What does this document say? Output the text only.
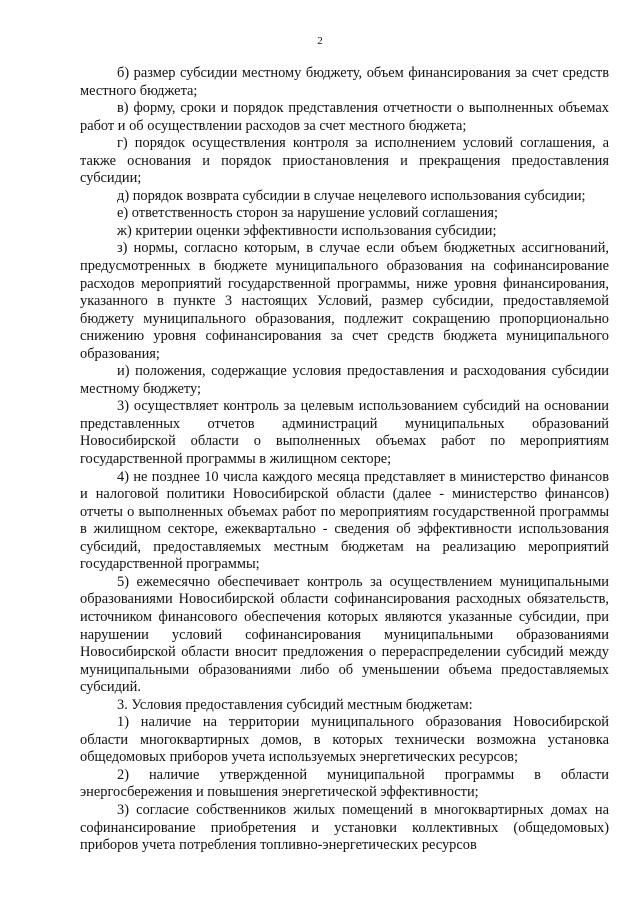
2

б) размер субсидии местному бюджету, объем финансирования за счет средств местного бюджета;

в) форму, сроки и порядок представления отчетности о выполненных объемах работ и об осуществлении расходов за счет местного бюджета;

г) порядок осуществления контроля за исполнением условий соглашения, а также основания и порядок приостановления и прекращения предоставления субсидии;

д) порядок возврата субсидии в случае нецелевого использования субсидии;

е) ответственность сторон за нарушение условий соглашения;

ж) критерии оценки эффективности использования субсидии;

з) нормы, согласно которым, в случае если объем бюджетных ассигнований, предусмотренных в бюджете муниципального образования на софинансирование расходов мероприятий государственной программы, ниже уровня финансирования, указанного в пункте 3 настоящих Условий, размер субсидии, предоставляемой бюджету муниципального образования, подлежит сокращению пропорционально снижению уровня софинансирования за счет средств бюджета муниципального образования;

и) положения, содержащие условия предоставления и расходования субсидии местному бюджету;

3) осуществляет контроль за целевым использованием субсидий на основании представленных отчетов администраций муниципальных образований Новосибирской области о выполненных объемах работ по мероприятиям государственной программы в жилищном секторе;

4) не позднее 10 числа каждого месяца представляет в министерство финансов и налоговой политики Новосибирской области (далее - министерство финансов) отчеты о выполненных объемах работ по мероприятиям государственной программы в жилищном секторе, ежеквартально - сведения об эффективности использования субсидий, предоставляемых местным бюджетам на реализацию мероприятий государственной программы;

5) ежемесячно обеспечивает контроль за осуществлением муниципальными образованиями Новосибирской области софинансирования расходных обязательств, источником финансового обеспечения которых являются указанные субсидии, при нарушении условий софинансирования муниципальными образованиями Новосибирской области вносит предложения о перераспределении субсидий между муниципальными образованиями либо об уменьшении объема предоставляемых субсидий.

3. Условия предоставления субсидий местным бюджетам:

1) наличие на территории муниципального образования Новосибирской области многоквартирных домов, в которых технически возможна установка общедомовых приборов учета используемых энергетических ресурсов;

2) наличие утвержденной муниципальной программы в области энергосбережения и повышения энергетической эффективности;

3) согласие собственников жилых помещений в многоквартирных домах на софинансирование приобретения и установки коллективных (общедомовых) приборов учета потребления топливно-энергетических ресурсов
